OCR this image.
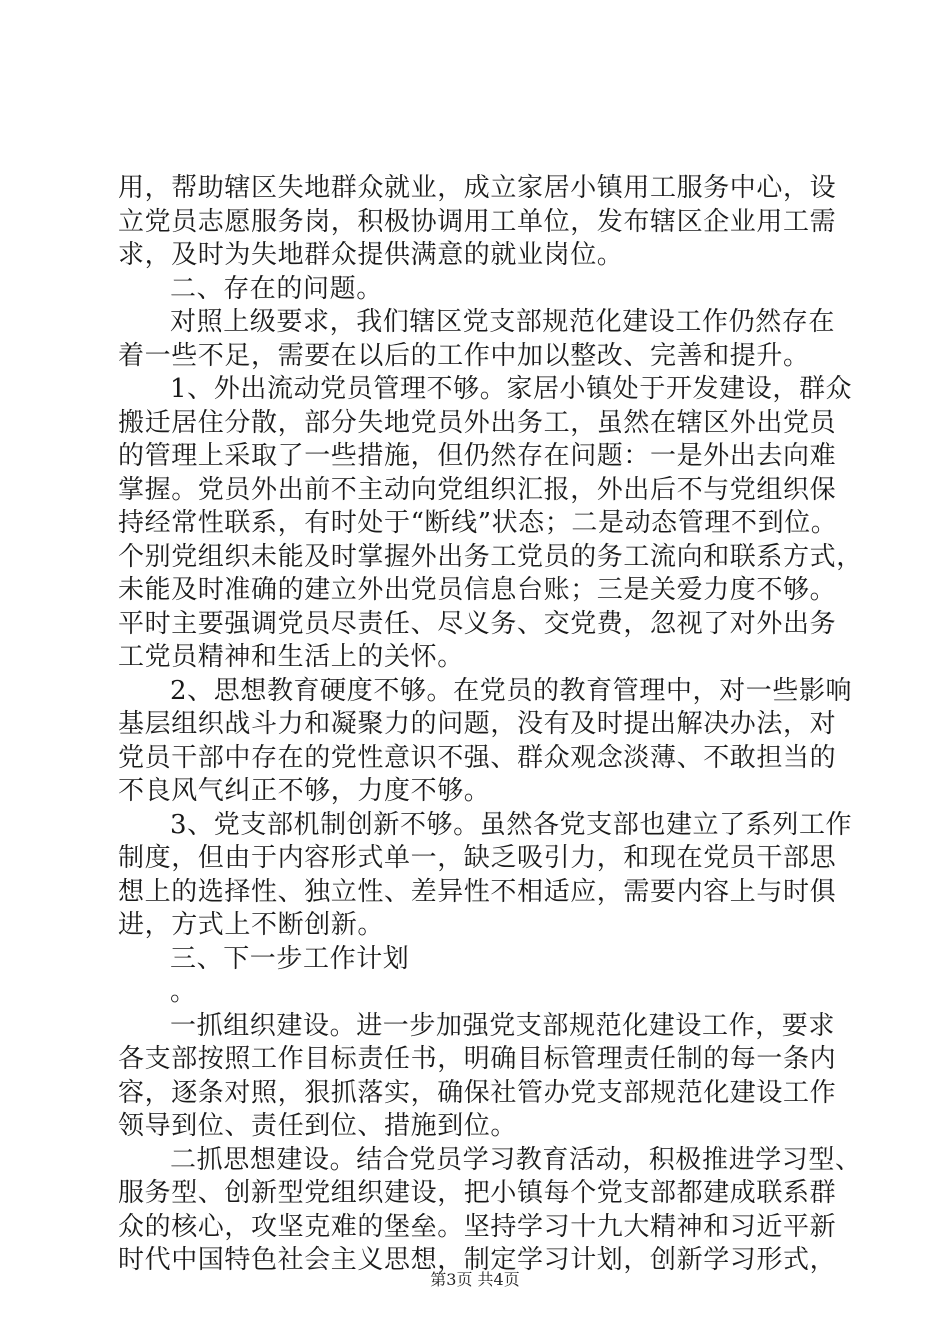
用，帮助辖区失地群众就业，成立家居小镇用工服务中心，设
立党员志愿服务岗，积极协调用工单位，发布辖区企业用工需
求，及时为失地群众提供满意的就业岗位。
二、存在的问题。
对照上级要求，我们辖区党支部规范化建设工作仍然存在
着一些不足，需要在以后的工作中加以整改、完善和提升。
1、外出流动党员管理不够。家居小镇处于开发建设，群众
搬迁居住分散，部分失地党员外出务工，虽然在辖区外出党员
的管理上采取了一些措施，但仍然存在问题：一是外出去向难
掌握。党员外出前不主动向党组织汇报，外出后不与党组织保
持经常性联系，有时处于“断线”状态；二是动态管理不到位。
个别党组织未能及时掌握外出务工党员的务工流向和联系方式，
未能及时准确的建立外出党员信息台账；三是关爱力度不够。
平时主要强调党员尽责任、尽义务、交党费，忽视了对外出务
工党员精神和生活上的关怀。
2、思想教育硬度不够。在党员的教育管理中，对一些影响
基层组织战斗力和凝聚力的问题，没有及时提出解决办法，对
党员干部中存在的党性意识不强、群众观念淡薄、不敢担当的
不良风气纠正不够，力度不够。
3、党支部机制创新不够。虽然各党支部也建立了系列工作
制度，但由于内容形式单一，缺乏吸引力，和现在党员干部思
想上的选择性、独立性、差异性不相适应，需要内容上与时俱
进，方式上不断创新。
三、下一步工作计划
。
一抓组织建设。进一步加强党支部规范化建设工作，要求
各支部按照工作目标责任书，明确目标管理责任制的每一条内
容，逐条对照，狠抓落实，确保社管办党支部规范化建设工作
领导到位、责任到位、措施到位。
二抓思想建设。结合党员学习教育活动，积极推进学习型、
服务型、创新型党组织建设，把小镇每个党支部都建成联系群
众的核心，攻坚克难的堡垒。坚持学习十九大精神和习近平新
时代中国特色社会主义思想，制定学习计划，创新学习形式，
第3页 共4页
